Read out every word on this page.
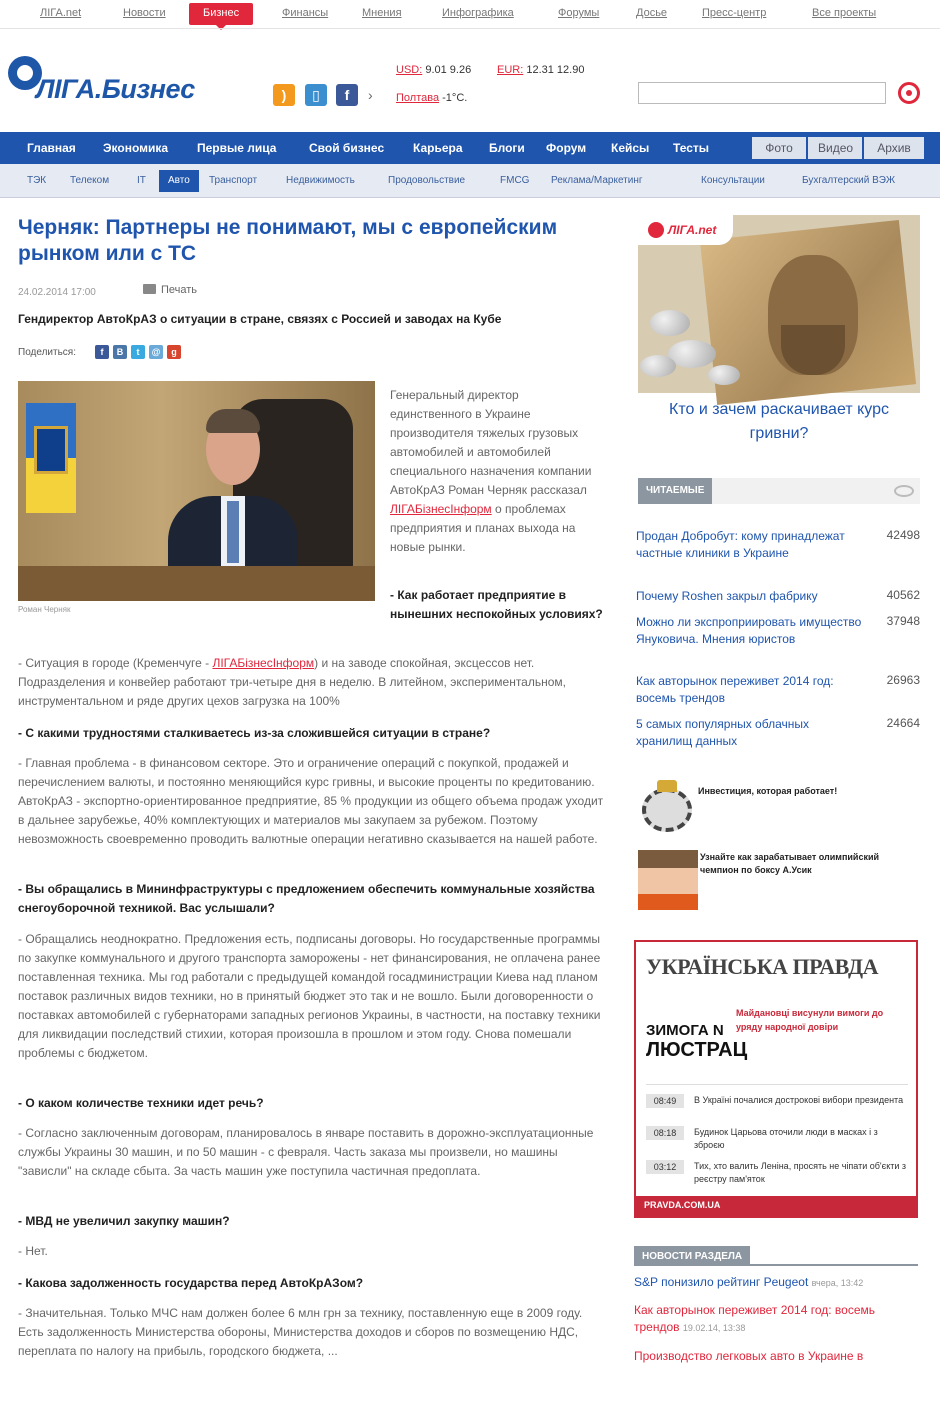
ЛІГА.net	Новости	Бизнес	Финансы	Мнения	Инфографика	Форумы	Досье	Пресс-центр	Все проекты
ЛІГА.Бизнес	)	▯	f	›
USD: 9.01 9.26 EUR: 12.31 12.90
Полтава -1°C.
Главная Экономика Первые лица	Свой бизнес Карьера Блоги Форум Кейсы Тесты	Фото	Видео	Архив
ТЭК Телеком	IT	Авто	Транспорт	Недвижимость	Продовольствие	FMCG Реклама/Маркетинг	Консультации	Бухгалтерский ВЭЖ
Черняк: Партнеры не понимают, мы с европейским рынком или с ТС
24.02.2014 17:00	Печать
Гендиректор АвтоКрАЗ о ситуации в стране, связях с Россией и заводах на Кубе
Поделиться:	f	B	t	@	g
Роман Черняк
Генеральный директор единственного в Украине производителя тяжелых грузовых автомобилей и автомобилей специального назначения компании АвтоКрАЗ Роман Черняк рассказал ЛІГАБізнесІнформ о проблемах предприятия и планах выхода на новые рынки.
- Как работает предприятие в нынешних неспокойных условиях?
- Ситуация в городе (Кременчуге - ЛІГАБізнесІнформ) и на заводе спокойная, эксцессов нет. Подразделения и конвейер работают три-четыре дня в неделю. В литейном, экспериментальном, инструментальном и ряде других цехов загрузка на 100%
- С какими трудностями сталкиваетесь из-за сложившейся ситуации в стране?
- Главная проблема - в финансовом секторе. Это и ограничение операций с покупкой, продажей и перечислением валюты, и постоянно меняющийся курс гривны, и высокие проценты по кредитованию. АвтоКрАЗ - экспортно-ориентированное предприятие, 85 % продукции из общего объема продаж уходит в дальнее зарубежье, 40% комплектующих и материалов мы закупаем за рубежом. Поэтому невозможность своевременно проводить валютные операции негативно сказывается на нашей работе.
- Вы обращались в Мининфраструктуры с предложением обеспечить коммунальные хозяйства снегоуборочной техникой. Вас услышали?
- Обращались неоднократно. Предложения есть, подписаны договоры. Но государственные программы по закупке коммунального и другого транспорта заморожены - нет финансирования, не оплачена ранее поставленная техника. Мы год работали с предыдущей командой госадминистрации Киева над планом поставок различных видов техники, но в принятый бюджет это так и не вошло. Были договоренности о поставках автомобилей с губернаторами западных регионов Украины, в частности, на поставку техники для ликвидации последствий стихии, которая произошла в прошлом и этом году. Снова помешали проблемы с бюджетом.
- О каком количестве техники идет речь?
- Согласно заключенным договорам, планировалось в январе поставить в дорожно-эксплуатационные службы Украины 30 машин, и по 50 машин - с февраля. Часть заказа мы произвели, но машины "зависли" на складе сбыта. За часть машин уже поступила частичная предоплата.
- МВД не увеличил закупку машин?
- Нет.
- Какова задолженность государства перед АвтоКрАЗом?
- Значительная. Только МЧС нам должен более 6 млн грн за технику, поставленную еще в 2009 году. Есть задолженность Министерства обороны, Министерства доходов и сборов по возмещению НДС, переплата по налогу на прибыль, городского бюджета, ...
ЛІГА.net
Кто и зачем раскачивает курс гривни?
ЧИТАЕМЫЕ
Продан Добробут: кому принадлежат частные клиники в Украине
42498
Почему Roshen закрыл фабрику	40562
Можно ли экспроприировать имущество Януковича. Мнения юристов
37948
Как авторынок переживет 2014 год: восемь трендов
26963
5 самых популярных облачных хранилищ данных
24664
Инвестиция, которая работает!
Узнайте как зарабатывает олимпийский чемпион по боксу А.Усик
УКРАЇНСЬКА ПРАВДА
ЗИМОГА N
ЛЮСТРАЦ
Майдановці висунули вимоги до уряду народної довіри
08:49	В Україні почалися дострокові вибори президента
08:18	Будинок Царьова оточили люди в масках і з зброєю
03:12	Тих, хто валить Леніна, просять не чіпати об'єкти з реєстру пам'яток
PRAVDA.COM.UA
НОВОСТИ РАЗДЕЛА
S&P понизило рейтинг Peugeot вчера, 13:42
Как авторынок переживет 2014 год: восемь трендов 19.02.14, 13:38
Производство легковых авто в Украине в
